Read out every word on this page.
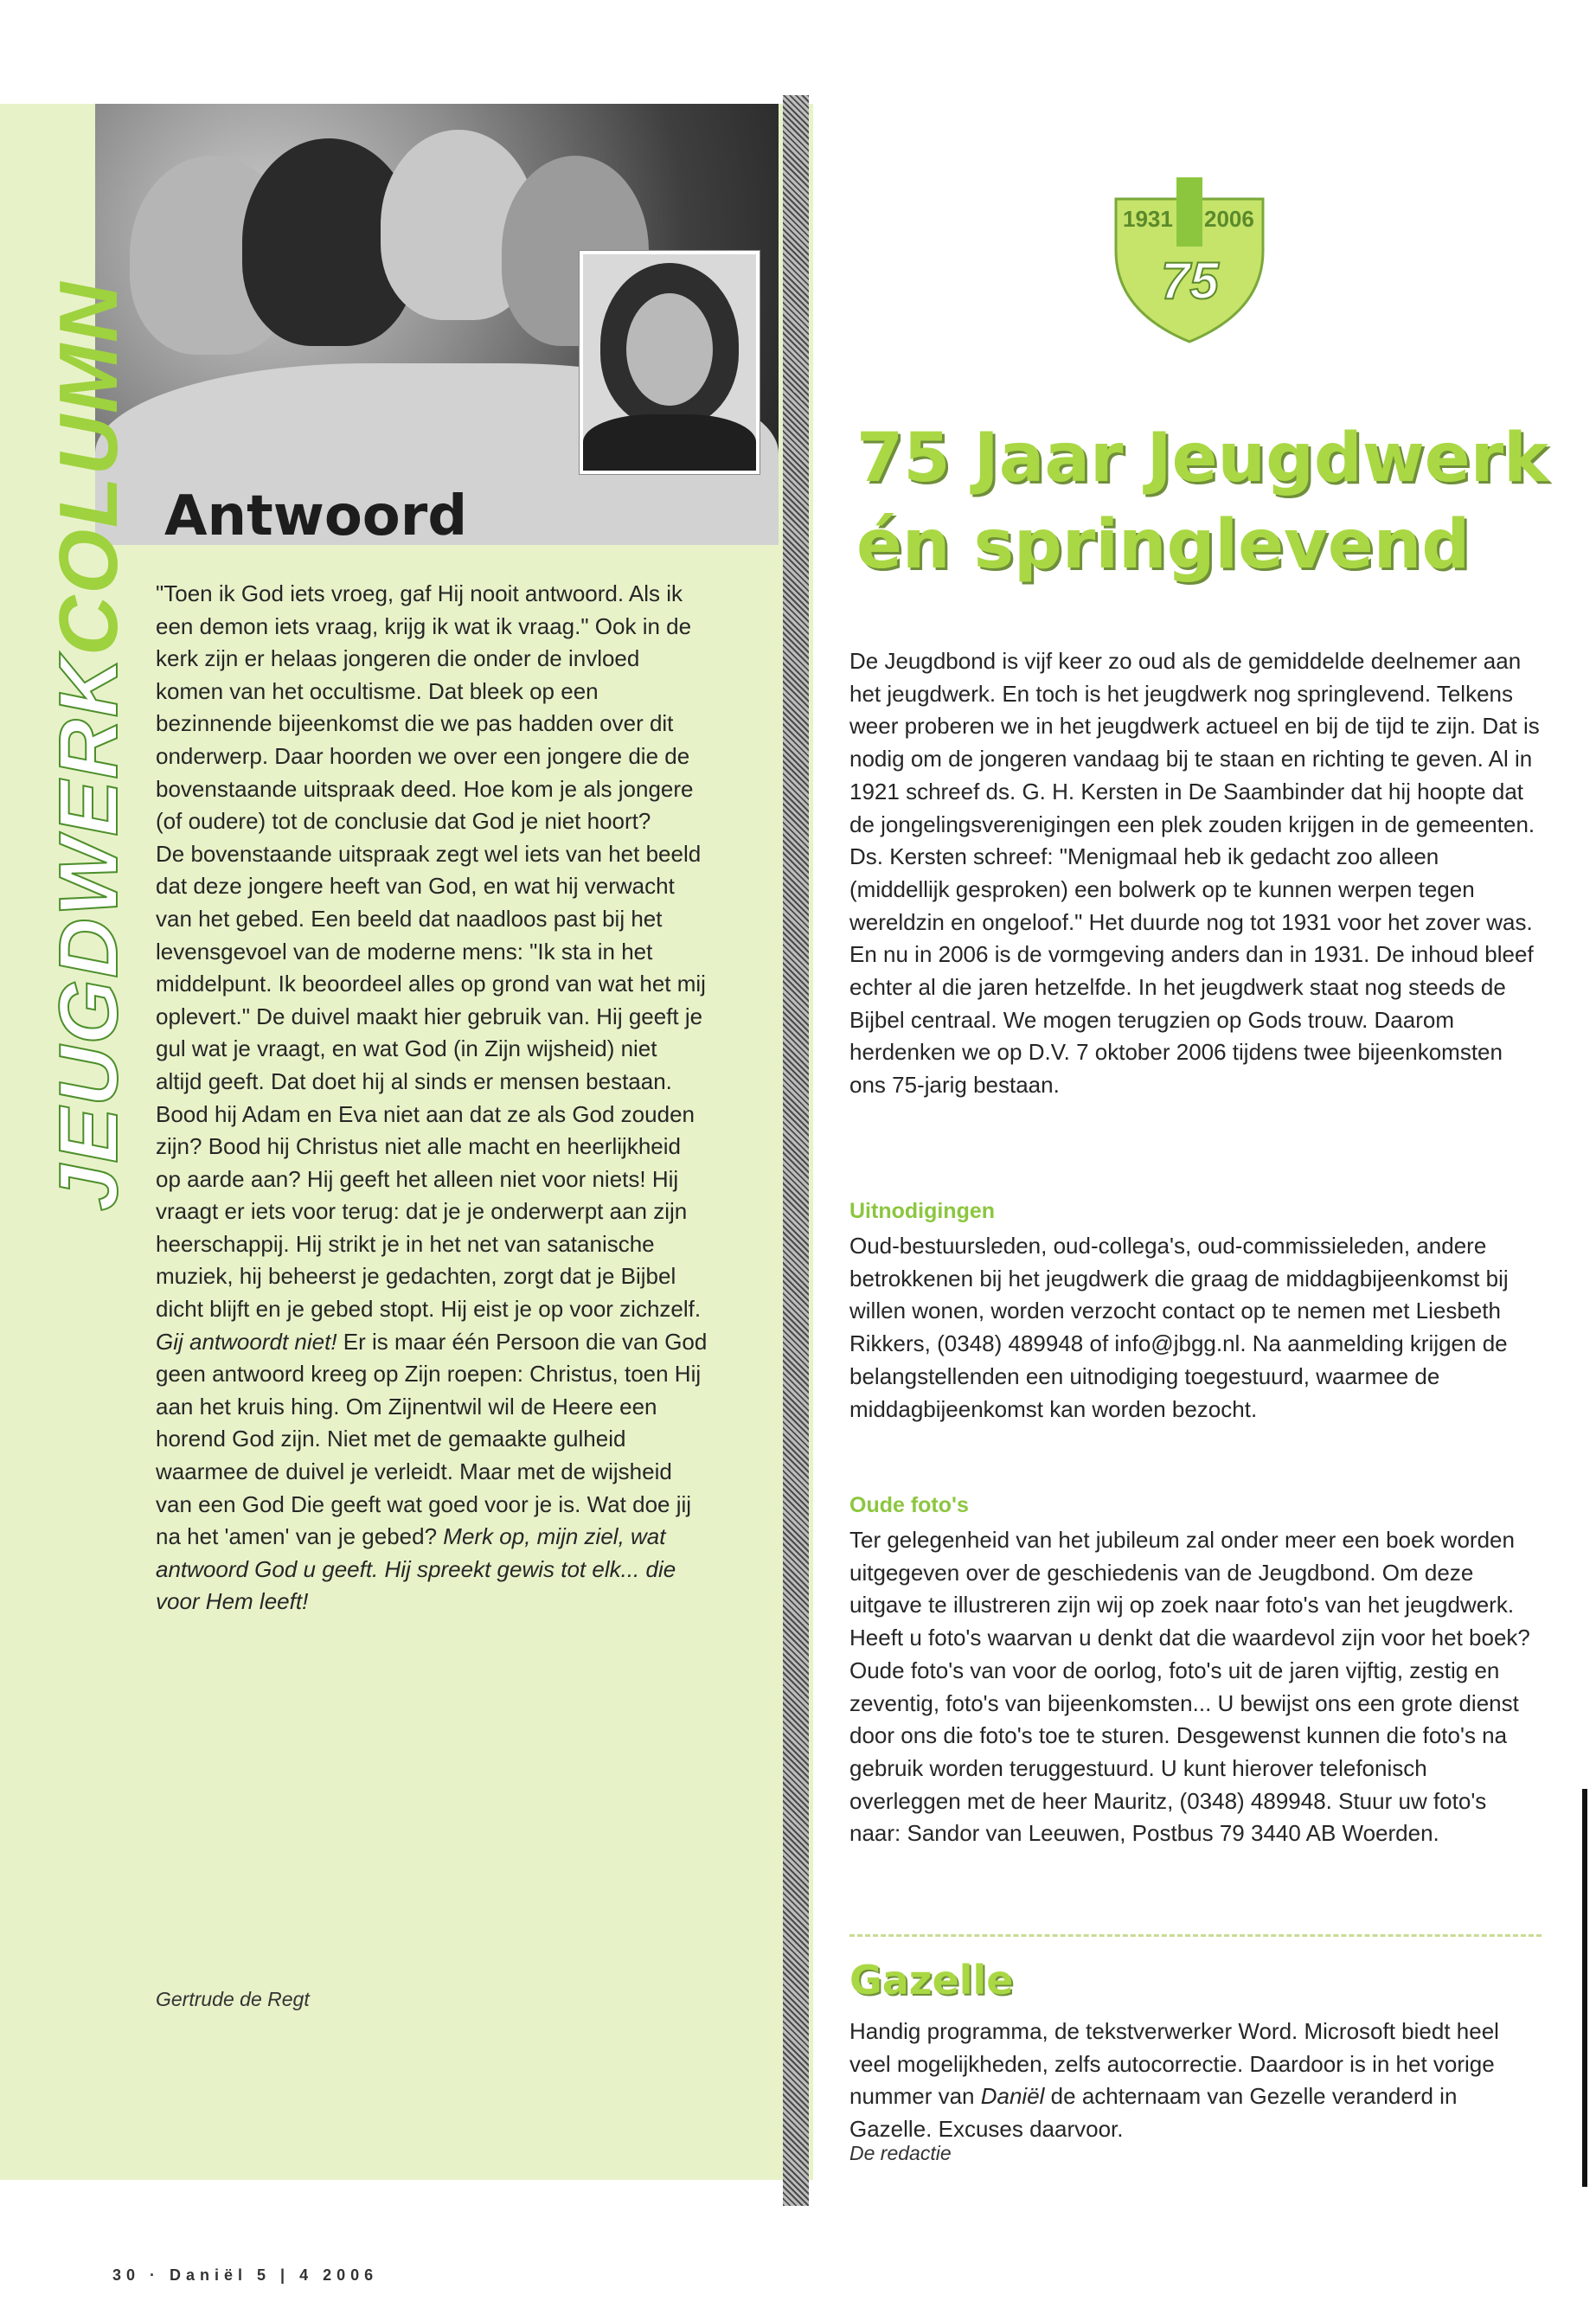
JEUGDWERKCOLUMN Antwoord

"Toen ik God iets vroeg, gaf Hij nooit antwoord. Als ik een demon iets vraag, krijg ik wat ik vraag." Ook in de kerk zijn er helaas jongeren die onder de invloed komen van het occultisme. Dat bleek op een bezinnende bijeenkomst die we pas hadden over dit onderwerp. Daar hoorden we over een jongere die de bovenstaande uitspraak deed. Hoe kom je als jongere (of oudere) tot de conclusie dat God je niet hoort?

De bovenstaande uitspraak zegt wel iets van het beeld dat deze jongere heeft van God, en wat hij verwacht van het gebed. Een beeld dat naadloos past bij het levensgevoel van de moderne mens: "Ik sta in het middelpunt. Ik beoordeel alles op grond van wat het mij oplevert." De duivel maakt hier gebruik van. Hij geeft je gul wat je vraagt, en wat God (in Zijn wijsheid) niet altijd geeft. Dat doet hij al sinds er mensen bestaan. Bood hij Adam en Eva niet aan dat ze als God zouden zijn? Bood hij Christus niet alle macht en heerlijkheid op aarde aan? Hij geeft het alleen niet voor niets! Hij vraagt er iets voor terug: dat je je onderwerpt aan zijn heerschappij. Hij strikt je in het net van satanische muziek, hij beheerst je gedachten, zorgt dat je Bijbel dicht blijft en je gebed stopt. Hij eist je op voor zichzelf.

Gij antwoordt niet! Er is maar één Persoon die van God geen antwoord kreeg op Zijn roepen: Christus, toen Hij aan het kruis hing. Om Zijnentwil wil de Heere een horend God zijn. Niet met de gemaakte gulheid waarmee de duivel je verleidt. Maar met de wijsheid van een God Die geeft wat goed voor je is. Wat doe jij na het 'amen' van je gebed? Merk op, mijn ziel, wat antwoord God u geeft. Hij spreekt gewis tot elk... die voor Hem leeft!

Gertrude de Regt
30 · Daniël 5 | 4 2006
1931 2006
75
75 Jaar Jeugdwerk
én springlevend
De Jeugdbond is vijf keer zo oud als de gemiddelde deelnemer aan het jeugdwerk. En toch is het jeugdwerk nog springlevend. Telkens weer proberen we in het jeugdwerk actueel en bij de tijd te zijn. Dat is nodig om de jongeren vandaag bij te staan en richting te geven. Al in 1921 schreef ds. G. H. Kersten in De Saambinder dat hij hoopte dat de jongelingsverenigingen een plek zouden krijgen in de gemeenten. Ds. Kersten schreef: "Menigmaal heb ik gedacht zoo alleen (middellijk gesproken) een bolwerk op te kunnen werpen tegen wereldzin en ongeloof." Het duurde nog tot 1931 voor het zover was. En nu in 2006 is de vormgeving anders dan in 1931. De inhoud bleef echter al die jaren hetzelfde. In het jeugdwerk staat nog steeds de Bijbel centraal. We mogen terugzien op Gods trouw. Daarom herdenken we op D.V. 7 oktober 2006 tijdens twee bijeenkomsten ons 75-jarig bestaan.
Uitnodigingen
Oud-bestuursleden, oud-collega's, oud-commissieleden, andere betrokkenen bij het jeugdwerk die graag de middagbijeenkomst bij willen wonen, worden verzocht contact op te nemen met Liesbeth Rikkers, (0348) 489948 of info@jbgg.nl. Na aanmelding krijgen de belangstellenden een uitnodiging toegestuurd, waarmee de middagbijeenkomst kan worden bezocht.
Oude foto's
Ter gelegenheid van het jubileum zal onder meer een boek worden uitgegeven over de geschiedenis van de Jeugdbond. Om deze uitgave te illustreren zijn wij op zoek naar foto's van het jeugdwerk. Heeft u foto's waarvan u denkt dat die waardevol zijn voor het boek? Oude foto's van voor de oorlog, foto's uit de jaren vijftig, zestig en zeventig, foto's van bijeenkomsten... U bewijst ons een grote dienst door ons die foto's toe te sturen. Desgewenst kunnen die foto's na gebruik worden teruggestuurd. U kunt hierover telefonisch overleggen met de heer Mauritz, (0348) 489948. Stuur uw foto's naar: Sandor van Leeuwen, Postbus 79 3440 AB Woerden.
Gazelle
Handig programma, de tekstverwerker Word. Microsoft biedt heel veel mogelijkheden, zelfs autocorrectie. Daardoor is in het vorige nummer van Daniël de achternaam van Gezelle veranderd in Gazelle. Excuses daarvoor.
De redactie
